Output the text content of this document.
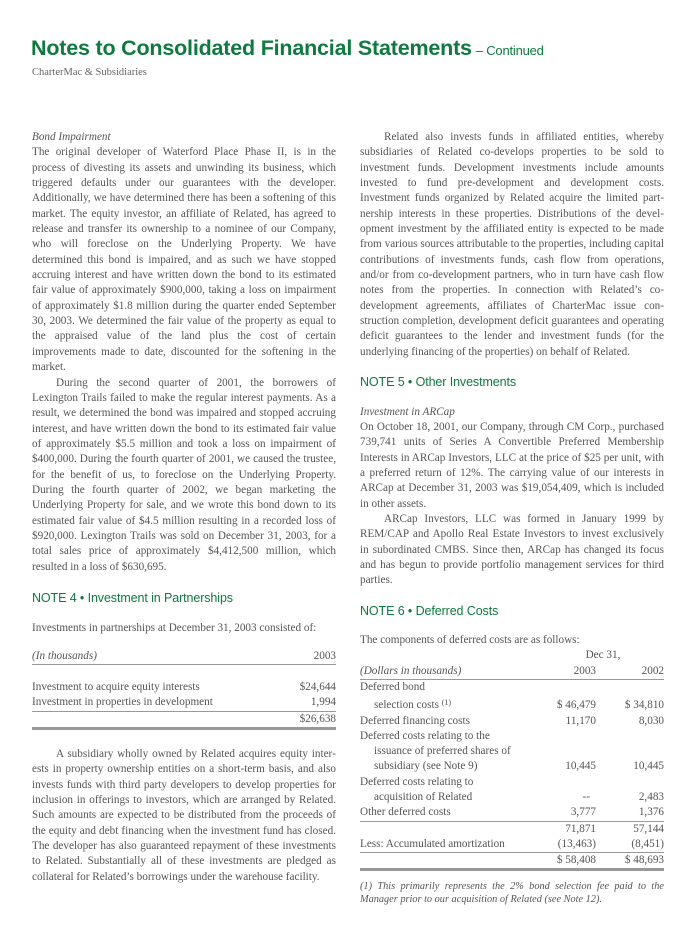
Notes to Consolidated Financial Statements – Continued
CharterMac & Subsidiaries
Bond Impairment

The original developer of Waterford Place Phase II, is in the process of divesting its assets and unwinding its business, which triggered defaults under our guarantees with the developer. Additionally, we have determined there has been a softening of this market. The equity investor, an affiliate of Related, has agreed to release and transfer its ownership to a nominee of our Company, who will foreclose on the Underlying Property. We have determined this bond is impaired, and as such we have stopped accruing interest and have written down the bond to its estimated fair value of approximately $900,000, taking a loss on impairment of approximately $1.8 million during the quarter ended September 30, 2003. We determined the fair value of the property as equal to the appraised value of the land plus the cost of certain improvements made to date, discounted for the softening in the market.

During the second quarter of 2001, the borrowers of Lexington Trails failed to make the regular interest payments. As a result, we determined the bond was impaired and stopped accruing interest, and have written down the bond to its estimated fair value of approximately $5.5 million and took a loss on impairment of $400,000. During the fourth quarter of 2001, we caused the trustee, for the benefit of us, to foreclose on the Underlying Property. During the fourth quarter of 2002, we began marketing the Underlying Property for sale, and we wrote this bond down to its estimated fair value of $4.5 million resulting in a recorded loss of $920,000. Lexington Trails was sold on December 31, 2003, for a total sales price of approximately $4,412,500 million, which resulted in a loss of $630,695.

NOTE 4 • Investment in Partnerships

Investments in partnerships at December 31, 2003 consisted of:

(In thousands)	2003

Investment to acquire equity interests	$24,644
Investment in properties in development	1,994
	$26,638

A subsidiary wholly owned by Related acquires equity interests in property ownership entities on a short-term basis, and also invests funds with third party developers to develop properties for inclusion in offerings to investors, which are arranged by Related. Such amounts are expected to be distributed from the proceeds of the equity and debt financing when the investment fund has closed. The developer has also guaranteed repayment of these investments to Related. Substantially all of these investments are pledged as collateral for Related’s borrowings under the warehouse facility.

Related also invests funds in affiliated entities, whereby subsidiaries of Related co-develops properties to be sold to investment funds. Development investments include amounts invested to fund pre-development and development costs. Investment funds organized by Related acquire the limited partnership interests in these properties. Distributions of the development investment by the affiliated entity is expected to be made from various sources attributable to the properties, including capital contributions of investments funds, cash flow from operations, and/or from co-development partners, who in turn have cash flow notes from the properties. In connection with Related’s co-development agreements, affiliates of CharterMac issue construction completion, development deficit guarantees and operating deficit guarantees to the lender and investment funds (for the underlying financing of the properties) on behalf of Related.

NOTE 5 • Other Investments
Investment in ARCap

On October 18, 2001, our Company, through CM Corp., purchased 739,741 units of Series A Convertible Preferred Membership Interests in ARCap Investors, LLC at the price of $25 per unit, with a preferred return of 12%. The carrying value of our interests in ARCap at December 31, 2003 was $19,054,409, which is included in other assets.

ARCap Investors, LLC was formed in January 1999 by REM/CAP and Apollo Real Estate Investors to invest exclusively in subordinated CMBS. Since then, ARCap has changed its focus and has begun to provide portfolio management services for third parties.

NOTE 6 • Deferred Costs

The components of deferred costs are as follows:

	Dec 31,	
(Dollars in thousands)	2003	2002
Deferred bond		
selection costs $^{(1)}$	$ 46,479	$ 34,810
Deferred financing costs	11,170	8,030
Deferred costs relating to the		
issuance of preferred shares of		
subsidiary (see Note 9)	10,445	10,445
Deferred costs relating to		
acquisition of Related	--	2,483
Other deferred costs	3,777	1,376
	71,871	57,144
Less: Accumulated amortization	(13,463)	(8,451)
	$ 58,408	$ 48,693

(1) This primarily represents the 2% bond selection fee paid to the Manager prior to our acquisition of Related (see Note 12).
